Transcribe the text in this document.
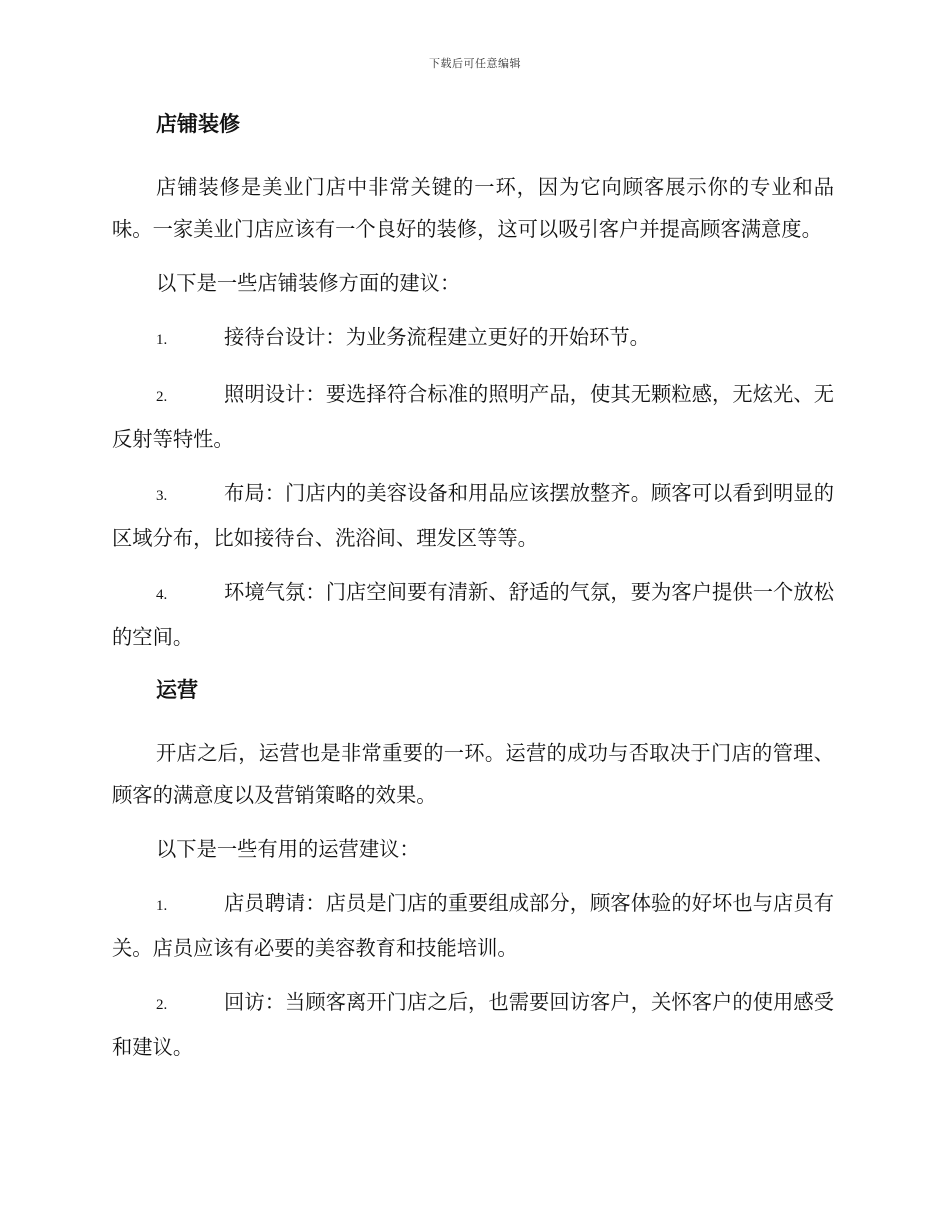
下载后可任意编辑
店铺装修

店铺装修是美业门店中非常关键的一环，因为它向顾客展示你的专业和品味。一家美业门店应该有一个良好的装修，这可以吸引客户并提高顾客满意度。

以下是一些店铺装修方面的建议：

1.	接待台设计：为业务流程建立更好的开始环节。

2.	照明设计：要选择符合标准的照明产品，使其无颗粒感，无炫光、无反射等特性。

3.	布局：门店内的美容设备和用品应该摆放整齐。顾客可以看到明显的区域分布，比如接待台、洗浴间、理发区等等。

4.	环境气氛：门店空间要有清新、舒适的气氛，要为客户提供一个放松的空间。

运营

开店之后，运营也是非常重要的一环。运营的成功与否取决于门店的管理、顾客的满意度以及营销策略的效果。

以下是一些有用的运营建议：

1.	店员聘请：店员是门店的重要组成部分，顾客体验的好坏也与店员有关。店员应该有必要的美容教育和技能培训。

2.	回访：当顾客离开门店之后，也需要回访客户，关怀客户的使用感受和建议。
